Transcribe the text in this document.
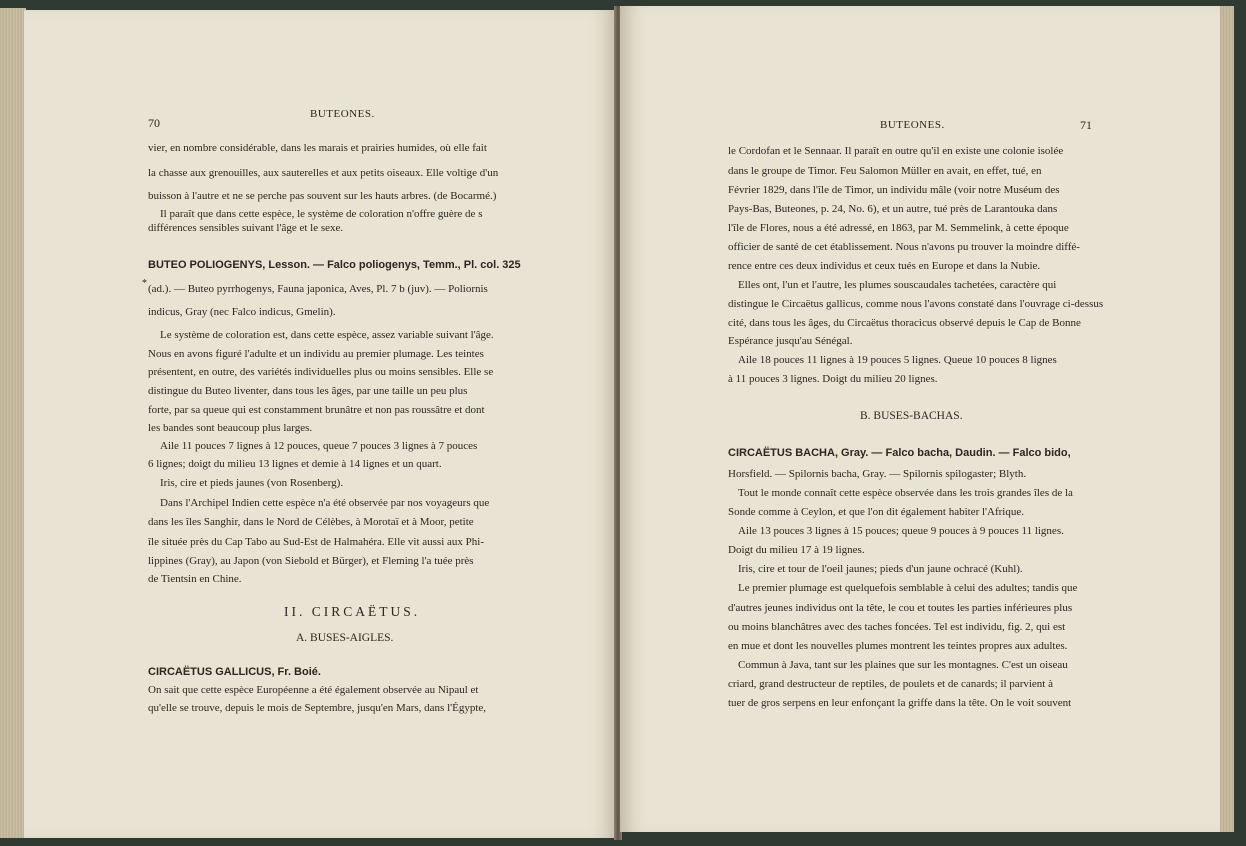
70
BUTEONES.
*
vier, en nombre considérable, dans les marais et prairies humides, où elle fait
la chasse aux grenouilles, aux sauterelles et aux petits oiseaux. Elle voltige d'un
buisson à l'autre et ne se perche pas souvent sur les hauts arbres. (de Bocarmé.)
Il paraît que dans cette espèce, le système de coloration n'offre guère de s
différences sensibles suivant l'âge et le sexe.
BUTEO POLIOGENYS, Lesson. — Falco poliogenys, Temm., Pl. col. 325
(ad.). — Buteo pyrrhogenys, Fauna japonica, Aves, Pl. 7 b (juv). — Poliornis
indicus, Gray (nec Falco indicus, Gmelin).
Le système de coloration est, dans cette espèce, assez variable suivant l'âge.
Nous en avons figuré l'adulte et un individu au premier plumage. Les teintes
présentent, en outre, des variétés individuelles plus ou moins sensibles. Elle se
distingue du Buteo liventer, dans tous les âges, par une taille un peu plus
forte, par sa queue qui est constamment brunâtre et non pas roussâtre et dont
les bandes sont beaucoup plus larges.
Aile 11 pouces 7 lignes à 12 pouces, queue 7 pouces 3 lignes à 7 pouces
6 lignes; doigt du milieu 13 lignes et demie à 14 lignes et un quart.
Iris, cire et pieds jaunes (von Rosenberg).
Dans l'Archipel Indien cette espèce n'a été observée par nos voyageurs que
dans les îles Sanghir, dans le Nord de Célèbes, à Morotaï et à Moor, petite
île située près du Cap Tabo au Sud-Est de Halmahéra. Elle vit aussi aux Phi-
lippines (Gray), au Japon (von Siebold et Bürger), et Fleming l'a tuée près
de Tientsin en Chine.
II. CIRCAËTUS.
A. BUSES-AIGLES.
CIRCAËTUS GALLICUS, Fr. Boié.
On sait que cette espèce Européenne a été également observée au Nipaul et
qu'elle se trouve, depuis le mois de Septembre, jusqu'en Mars, dans l'Égypte,
BUTEONES.	71
le Cordofan et le Sennaar. Il paraît en outre qu'il en existe une colonie isolée
dans le groupe de Timor. Feu Salomon Müller en avait, en effet, tué, en
Février 1829, dans l'île de Timor, un individu mâle (voir notre Muséum des
Pays-Bas, Buteones, p. 24, No. 6), et un autre, tué près de Larantouka dans
l'île de Flores, nous a été adressé, en 1863, par M. Semmelink, à cette époque
officier de santé de cet établissement. Nous n'avons pu trouver la moindre diffé-
rence entre ces deux individus et ceux tués en Europe et dans la Nubie.
Elles ont, l'un et l'autre, les plumes souscaudales tachetées, caractère qui
distingue le Circaëtus gallicus, comme nous l'avons constaté dans l'ouvrage ci-dessus
cité, dans tous les âges, du Circaëtus thoracicus observé depuis le Cap de Bonne
Espérance jusqu'au Sénégal.
Aile 18 pouces 11 lignes à 19 pouces 5 lignes. Queue 10 pouces 8 lignes
à 11 pouces 3 lignes. Doigt du milieu 20 lignes.
B. BUSES-BACHAS.
CIRCAËTUS BACHA, Gray. — Falco bacha, Daudin. — Falco bido,
Horsfield. — Spilornis bacha, Gray. — Spilornis spilogaster; Blyth.
Tout le monde connaît cette espèce observée dans les trois grandes îles de la
Sonde comme à Ceylon, et que l'on dit également habiter l'Afrique.
Aile 13 pouces 3 lignes à 15 pouces; queue 9 pouces à 9 pouces 11 lignes.
Doigt du milieu 17 à 19 lignes.
Iris, cire et tour de l'oeil jaunes; pieds d'un jaune ochracé (Kuhl).
Le premier plumage est quelquefois semblable à celui des adultes; tandis que
d'autres jeunes individus ont la tête, le cou et toutes les parties inférieures plus
ou moins blanchâtres avec des taches foncées. Tel est individu, fig. 2, qui est
en mue et dont les nouvelles plumes montrent les teintes propres aux adultes.
Commun à Java, tant sur les plaines que sur les montagnes. C'est un oiseau
criard, grand destructeur de reptiles, de poulets et de canards; il parvient à
tuer de gros serpens en leur enfonçant la griffe dans la tête. On le voit souvent
